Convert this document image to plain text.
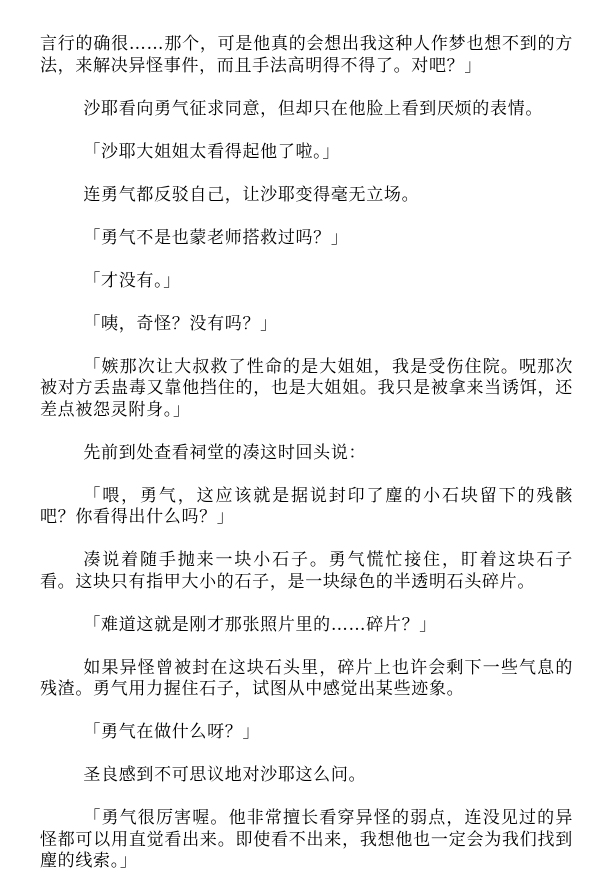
言行的确很……那个，可是他真的会想出我这种人作梦也想不到的方法，来解决异怪事件，而且手法高明得不得了。对吧？」

沙耶看向勇气征求同意，但却只在他脸上看到厌烦的表情。

「沙耶大姐姐太看得起他了啦。」

连勇气都反驳自己，让沙耶变得毫无立场。

「勇气不是也蒙老师搭救过吗？」

「才没有。」

「咦，奇怪？没有吗？」

「嫉那次让大叔救了性命的是大姐姐，我是受伤住院。呪那次被对方丢蛊毒又靠他挡住的，也是大姐姐。我只是被拿来当诱饵，还差点被怨灵附身。」

先前到处查看祠堂的凑这时回头说：

「喂，勇气，这应该就是据说封印了麈的小石块留下的残骸吧？你看得出什么吗？」

凑说着随手抛来一块小石子。勇气慌忙接住，盯着这块石子看。这块只有指甲大小的石子，是一块绿色的半透明石头碎片。

「难道这就是刚才那张照片里的……碎片？」

如果异怪曾被封在这块石头里，碎片上也许会剩下一些气息的残渣。勇气用力握住石子，试图从中感觉出某些迹象。

「勇气在做什么呀？」

圣良感到不可思议地对沙耶这么问。

「勇气很厉害喔。他非常擅长看穿异怪的弱点，连没见过的异怪都可以用直觉看出来。即使看不出来，我想他也一定会为我们找到麈的线索。」
